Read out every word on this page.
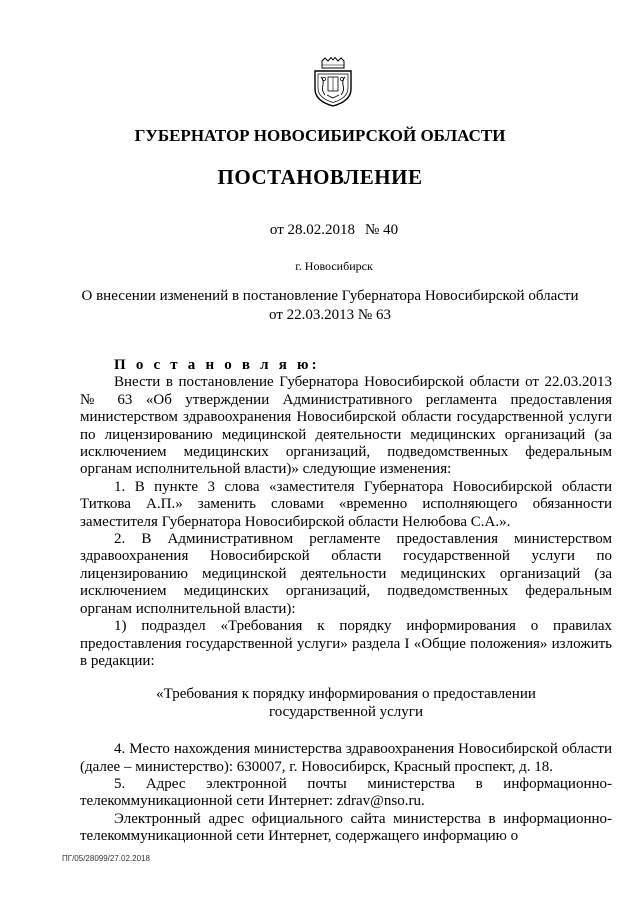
ГУБЕРНАТОР НОВОСИБИРСКОЙ ОБЛАСТИ
ПОСТАНОВЛЕНИЕ
от 28.02.2018 № 40
г. Новосибирск
О внесении изменений в постановление Губернатора Новосибирской области
от 22.03.2013 № 63

П о с т а н о в л я ю:

Внести в постановление Губернатора Новосибирской области от 22.03.2013 № 63 «Об утверждении Административного регламента предоставления министерством здравоохранения Новосибирской области государственной услуги по лицензированию медицинской деятельности медицинских организаций (за исключением медицинских организаций, подведомственных федеральным органам исполнительной власти)» следующие изменения:

1. В пункте 3 слова «заместителя Губернатора Новосибирской области Титкова А.П.» заменить словами «временно исполняющего обязанности заместителя Губернатора Новосибирской области Нелюбова С.А.».

2. В Административном регламенте предоставления министерством здравоохранения Новосибирской области государственной услуги по лицензированию медицинской деятельности медицинских организаций (за исключением медицинских организаций, подведомственных федеральным органам исполнительной власти):

1) подраздел «Требования к порядку информирования о правилах предоставления государственной услуги» раздела I «Общие положения» изложить в редакции:

«Требования к порядку информирования о предоставлении государственной услуги

4. Место нахождения министерства здравоохранения Новосибирской области (далее – министерство): 630007, г. Новосибирск, Красный проспект, д. 18.

5. Адрес электронной почты министерства в информационно-телекоммуникационной сети Интернет: zdrav@nso.ru.

Электронный адрес официального сайта министерства в информационно-телекоммуникационной сети Интернет, содержащего информацию о

ПГ/05/28099/27.02.2018
